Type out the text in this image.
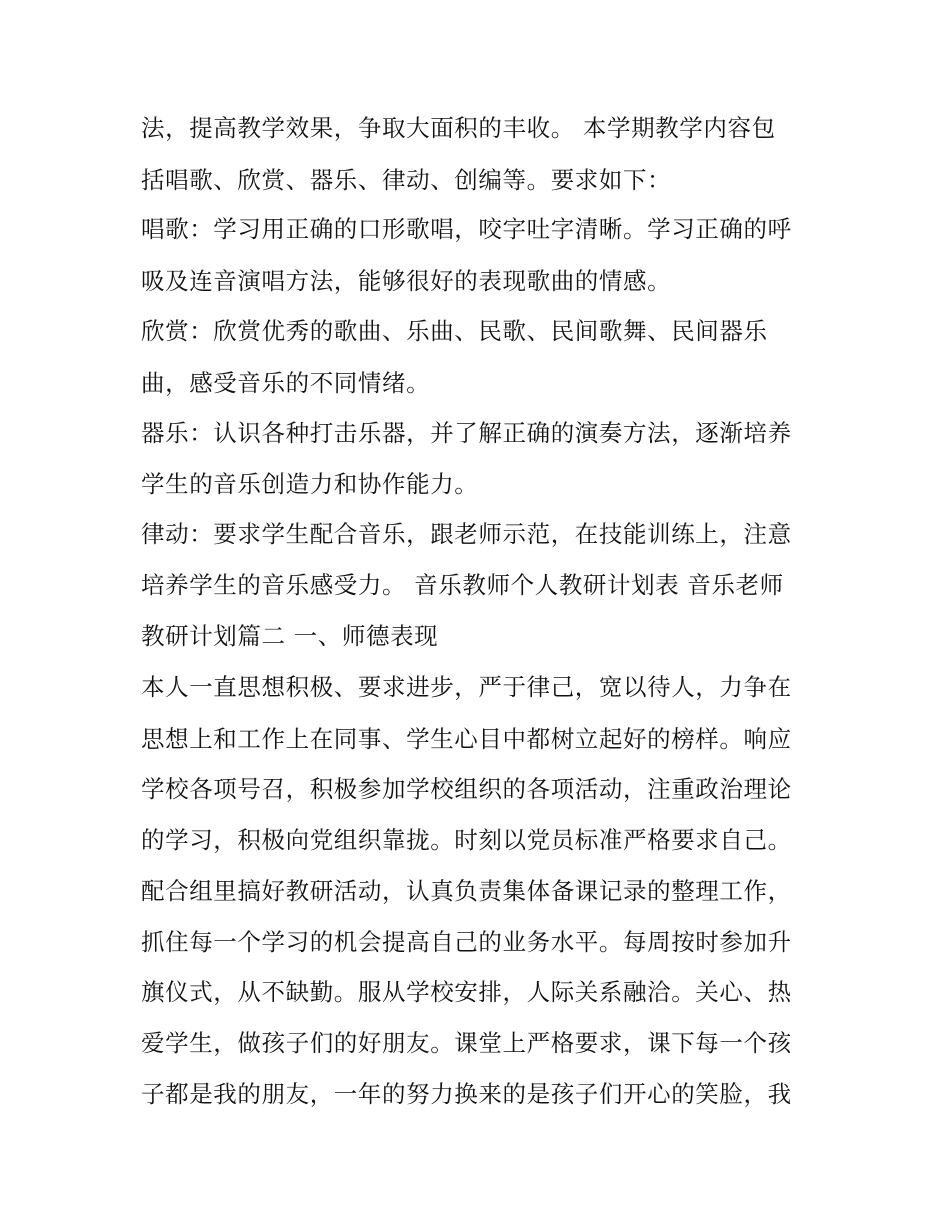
法，提高教学效果，争取大面积的丰收。 本学期教学内容包
括唱歌、欣赏、器乐、律动、创编等。要求如下：
唱歌：学习用正确的口形歌唱，咬字吐字清晰。学习正确的呼
吸及连音演唱方法，能够很好的表现歌曲的情感。
欣赏：欣赏优秀的歌曲、乐曲、民歌、民间歌舞、民间器乐
曲，感受音乐的不同情绪。
器乐：认识各种打击乐器，并了解正确的演奏方法，逐渐培养
学生的音乐创造力和协作能力。
律动：要求学生配合音乐，跟老师示范，在技能训练上，注意
培养学生的音乐感受力。 音乐教师个人教研计划表 音乐老师
教研计划篇二 一、师德表现
本人一直思想积极、要求进步，严于律己，宽以待人，力争在
思想上和工作上在同事、学生心目中都树立起好的榜样。响应
学校各项号召，积极参加学校组织的各项活动，注重政治理论
的学习，积极向党组织靠拢。时刻以党员标准严格要求自己。
配合组里搞好教研活动，认真负责集体备课记录的整理工作，
抓住每一个学习的机会提高自己的业务水平。每周按时参加升
旗仪式，从不缺勤。服从学校安排，人际关系融洽。关心、热
爱学生，做孩子们的好朋友。课堂上严格要求，课下每一个孩
子都是我的朋友，一年的努力换来的是孩子们开心的笑脸，我
